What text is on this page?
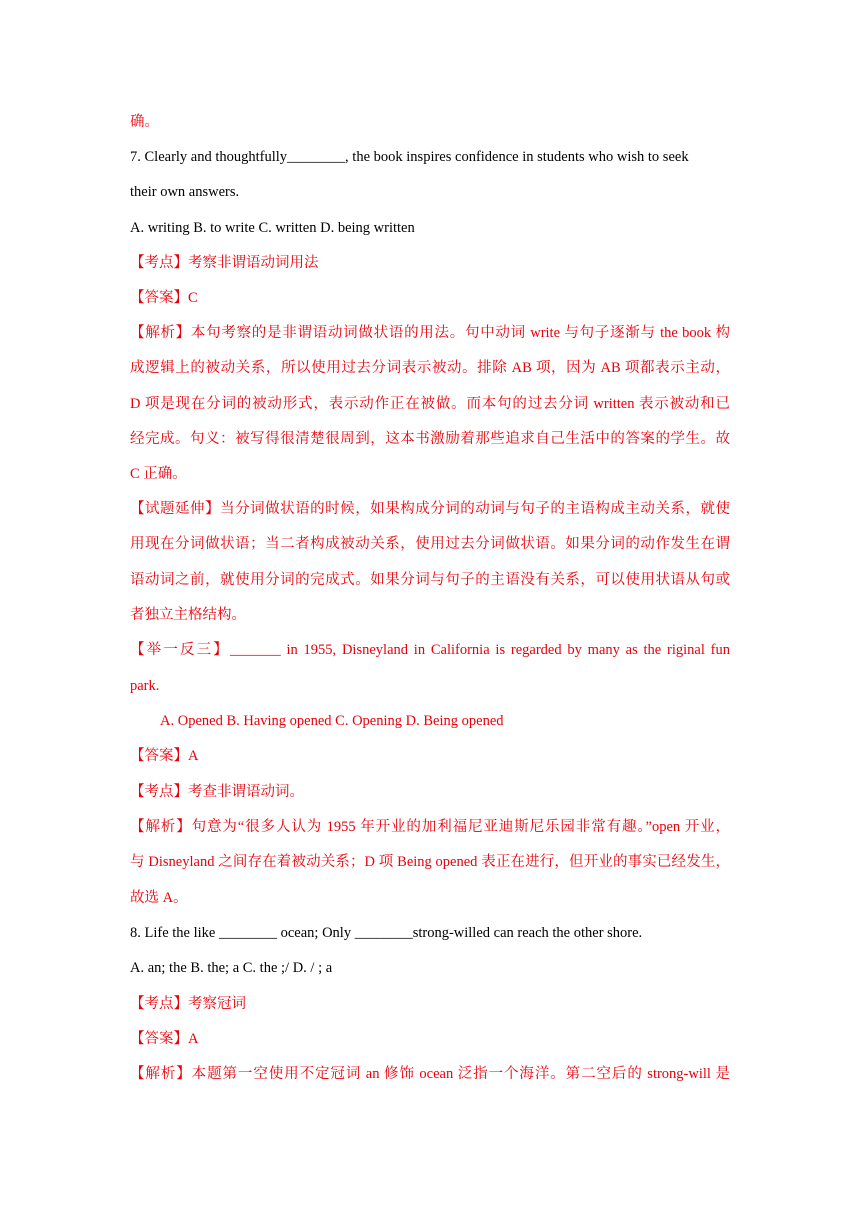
确。
7. Clearly and thoughtfully________, the book inspires confidence in students who wish to seek
their own answers.
A. writing B. to write C. written D. being written
【考点】考察非谓语动词用法
【答案】C
【解析】本句考察的是非谓语动词做状语的用法。句中动词 write 与句子逐渐与 the book 构
成逻辑上的被动关系，所以使用过去分词表示被动。排除 AB 项，因为 AB 项都表示主动，
D 项是现在分词的被动形式，表示动作正在被做。而本句的过去分词 written 表示被动和已
经完成。句义：被写得很清楚很周到，这本书激励着那些追求自己生活中的答案的学生。故
C 正确。
【试题延伸】当分词做状语的时候，如果构成分词的动词与句子的主语构成主动关系，就使
用现在分词做状语；当二者构成被动关系，使用过去分词做状语。如果分词的动作发生在谓
语动词之前，就使用分词的完成式。如果分词与句子的主语没有关系，可以使用状语从句或
者独立主格结构。
【举一反三】_______ in 1955, Disneyland in California is regarded by many as the riginal fun
park.
A. Opened B. Having opened C. Opening D. Being opened
【答案】A
【考点】考查非谓语动词。
【解析】句意为“很多人认为 1955 年开业的加利福尼亚迪斯尼乐园非常有趣。”open 开业，
与 Disneyland 之间存在着被动关系；D 项 Being opened 表正在进行，但开业的事实已经发生，
故选 A。
8. Life the like ________ ocean; Only ________strong-willed can reach the other shore.
A. an; the B. the; a C. the ;/ D. / ; a
【考点】考察冠词
【答案】A
【解析】本题第一空使用不定冠词 an 修饰 ocean 泛指一个海洋。第二空后的 strong-will 是
